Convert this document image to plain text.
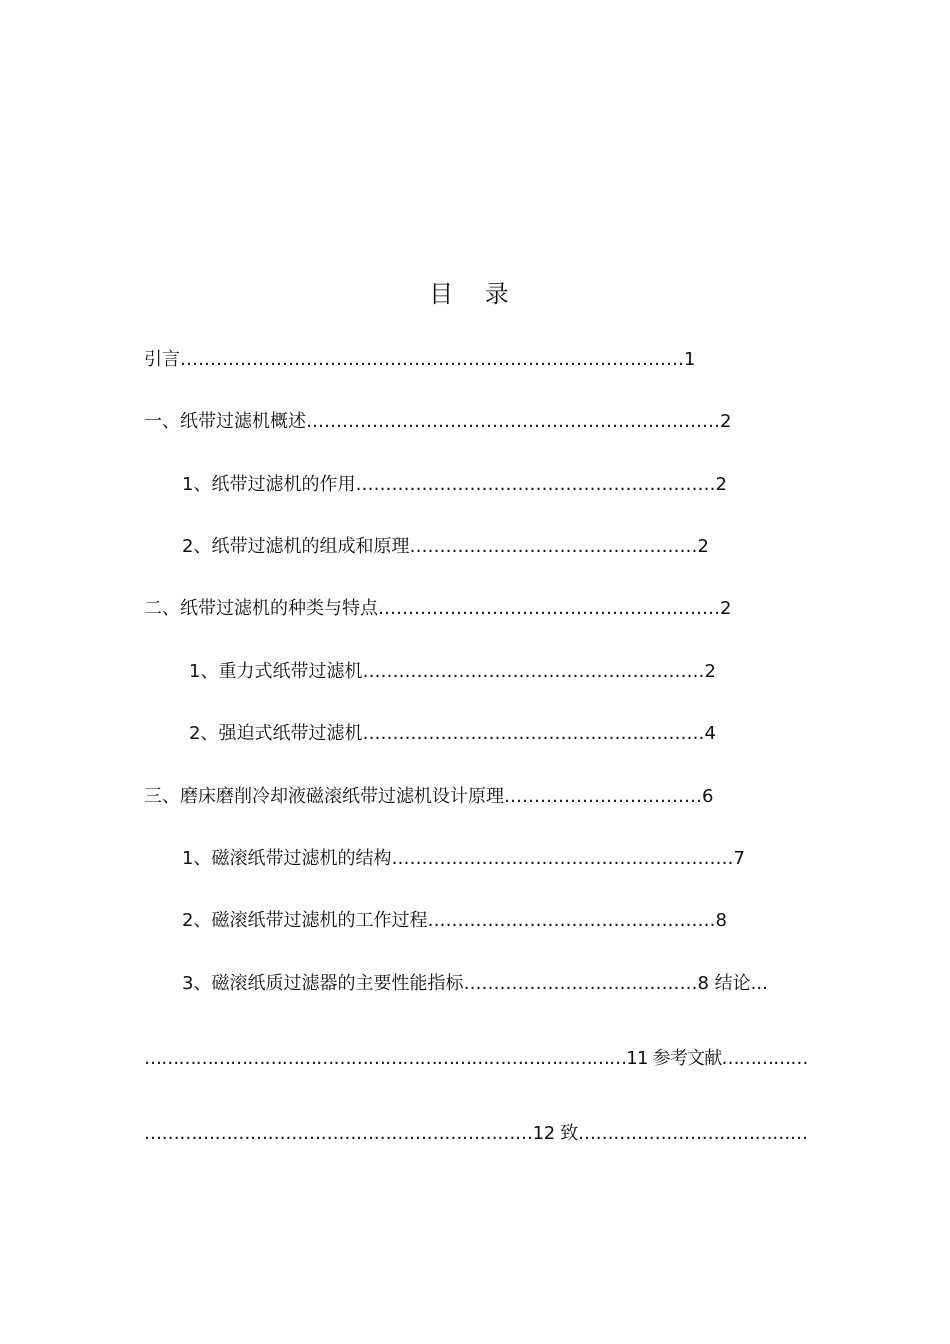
目 录
引言…………………………………………………………………………1
一、纸带过滤机概述……………………………………………………………2
1、纸带过滤机的作用……………………………………………………2
2、纸带过滤机的组成和原理…………………………………………2
二、纸带过滤机的种类与特点…………………………………………………2
1、重力式纸带过滤机…………………………………………………2
2、强迫式纸带过滤机…………………………………………………4
三、磨床磨削冷却液磁滚纸带过滤机设计原理……………………………6
1、磁滚纸带过滤机的结构…………………………………………………7
2、磁滚纸带过滤机的工作过程…………………………………………8
3、磁滚纸质过滤器的主要性能指标…………………………………8 结论...
…………………………………………………………………………11 参考文献……………
…………………………………………………………12 致…………………………………
